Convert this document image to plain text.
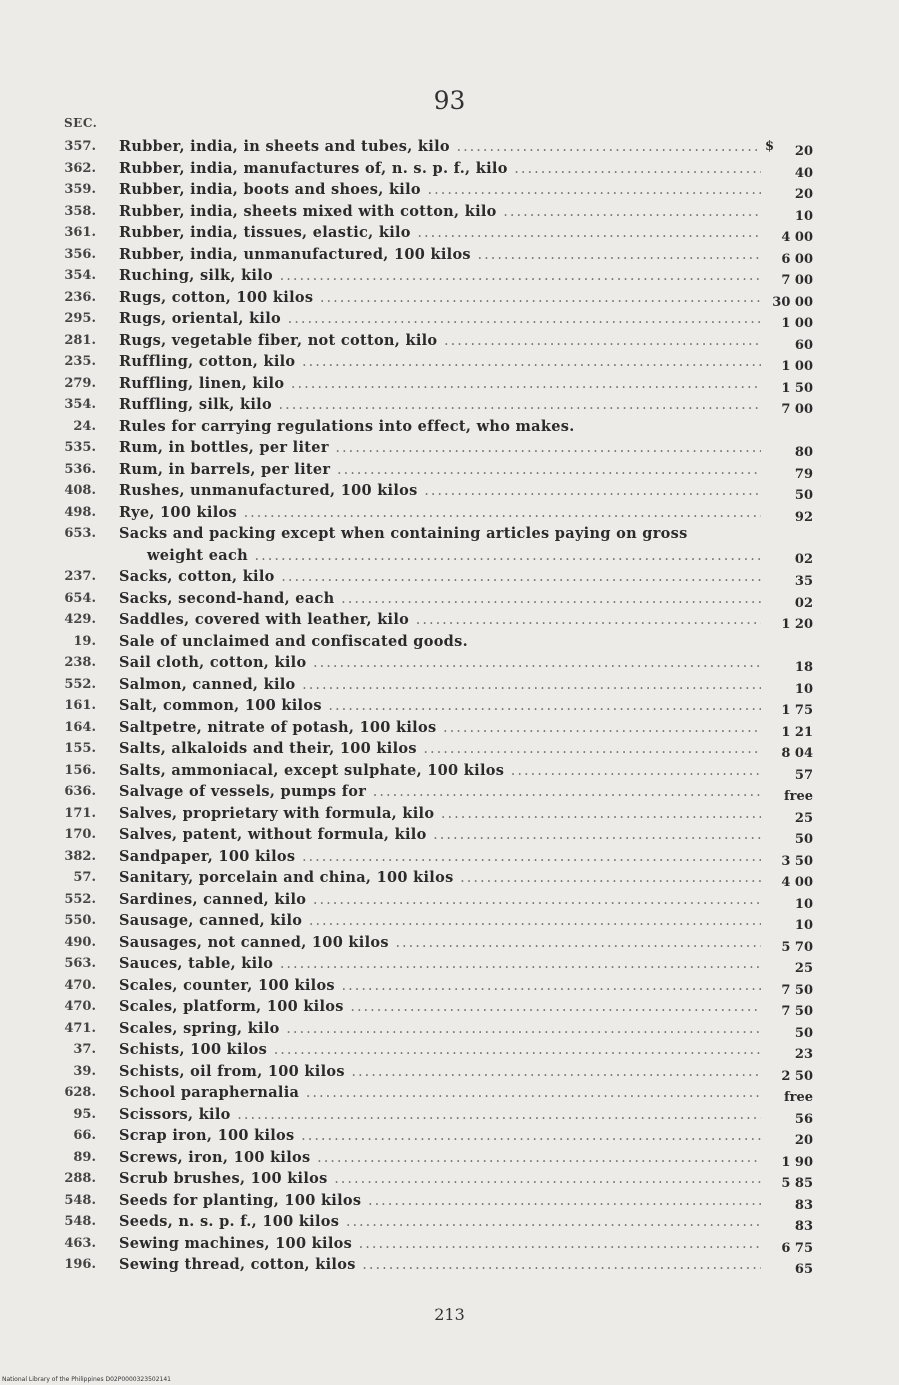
93
SEC.
357. Rubber, india, in sheets and tubes, kilo .....	$	20
362. Rubber, india, manufactures of, n. s. p. f., kilo .....	40
359. Rubber, india, boots and shoes, kilo .....	20
358. Rubber, india, sheets mixed with cotton, kilo .....	10
361. Rubber, india, tissues, elastic, kilo .....	4 00
356. Rubber, india, unmanufactured, 100 kilos .....	6 00
354. Ruching, silk, kilo .....	7 00
236. Rugs, cotton, 100 kilos .....	30 00
295. Rugs, oriental, kilo .....	1 00
281. Rugs, vegetable fiber, not cotton, kilo .....	60
235. Ruffling, cotton, kilo .....	1 00
279. Ruffling, linen, kilo .....	1 50
354. Ruffling, silk, kilo .....	7 00
24. Rules for carrying regulations into effect, who makes.
535. Rum, in bottles, per liter .....	80
536. Rum, in barrels, per liter .....	79
408. Rushes, unmanufactured, 100 kilos .....	50
498. Rye, 100 kilos .....	92
653. Sacks and packing except when containing articles paying on gross
weight each .....	02
237. Sacks, cotton, kilo .....	35
654. Sacks, second-hand, each .....	02
429. Saddles, covered with leather, kilo .....	1 20
19. Sale of unclaimed and confiscated goods.
238. Sail cloth, cotton, kilo .....	18
552. Salmon, canned, kilo .....	10
161. Salt, common, 100 kilos .....	1 75
164. Saltpetre, nitrate of potash, 100 kilos .....	1 21
155. Salts, alkaloids and their, 100 kilos .....	8 04
156. Salts, ammoniacal, except sulphate, 100 kilos .....	57
636. Salvage of vessels, pumps for .....	free
171. Salves, proprietary with formula, kilo .....	25
170. Salves, patent, without formula, kilo .....	50
382. Sandpaper, 100 kilos .....	3 50
57. Sanitary, porcelain and china, 100 kilos .....	4 00
552. Sardines, canned, kilo .....	10
550. Sausage, canned, kilo .....	10
490. Sausages, not canned, 100 kilos .....	5 70
563. Sauces, table, kilo .....	25
470. Scales, counter, 100 kilos .....	7 50
470. Scales, platform, 100 kilos .....	7 50
471. Scales, spring, kilo .....	50
37. Schists, 100 kilos .....	23
39. Schists, oil from, 100 kilos .....	2 50
628. School paraphernalia .....	free
95. Scissors, kilo .....	56
66. Scrap iron, 100 kilos .....	20
89. Screws, iron, 100 kilos .....	1 90
288. Scrub brushes, 100 kilos .....	5 85
548. Seeds for planting, 100 kilos .....	83
548. Seeds, n. s. p. f., 100 kilos .....	83
463. Sewing machines, 100 kilos .....	6 75
196. Sewing thread, cotton, kilos .....	65
213
National Library of the Philippines D02P0000323502141
